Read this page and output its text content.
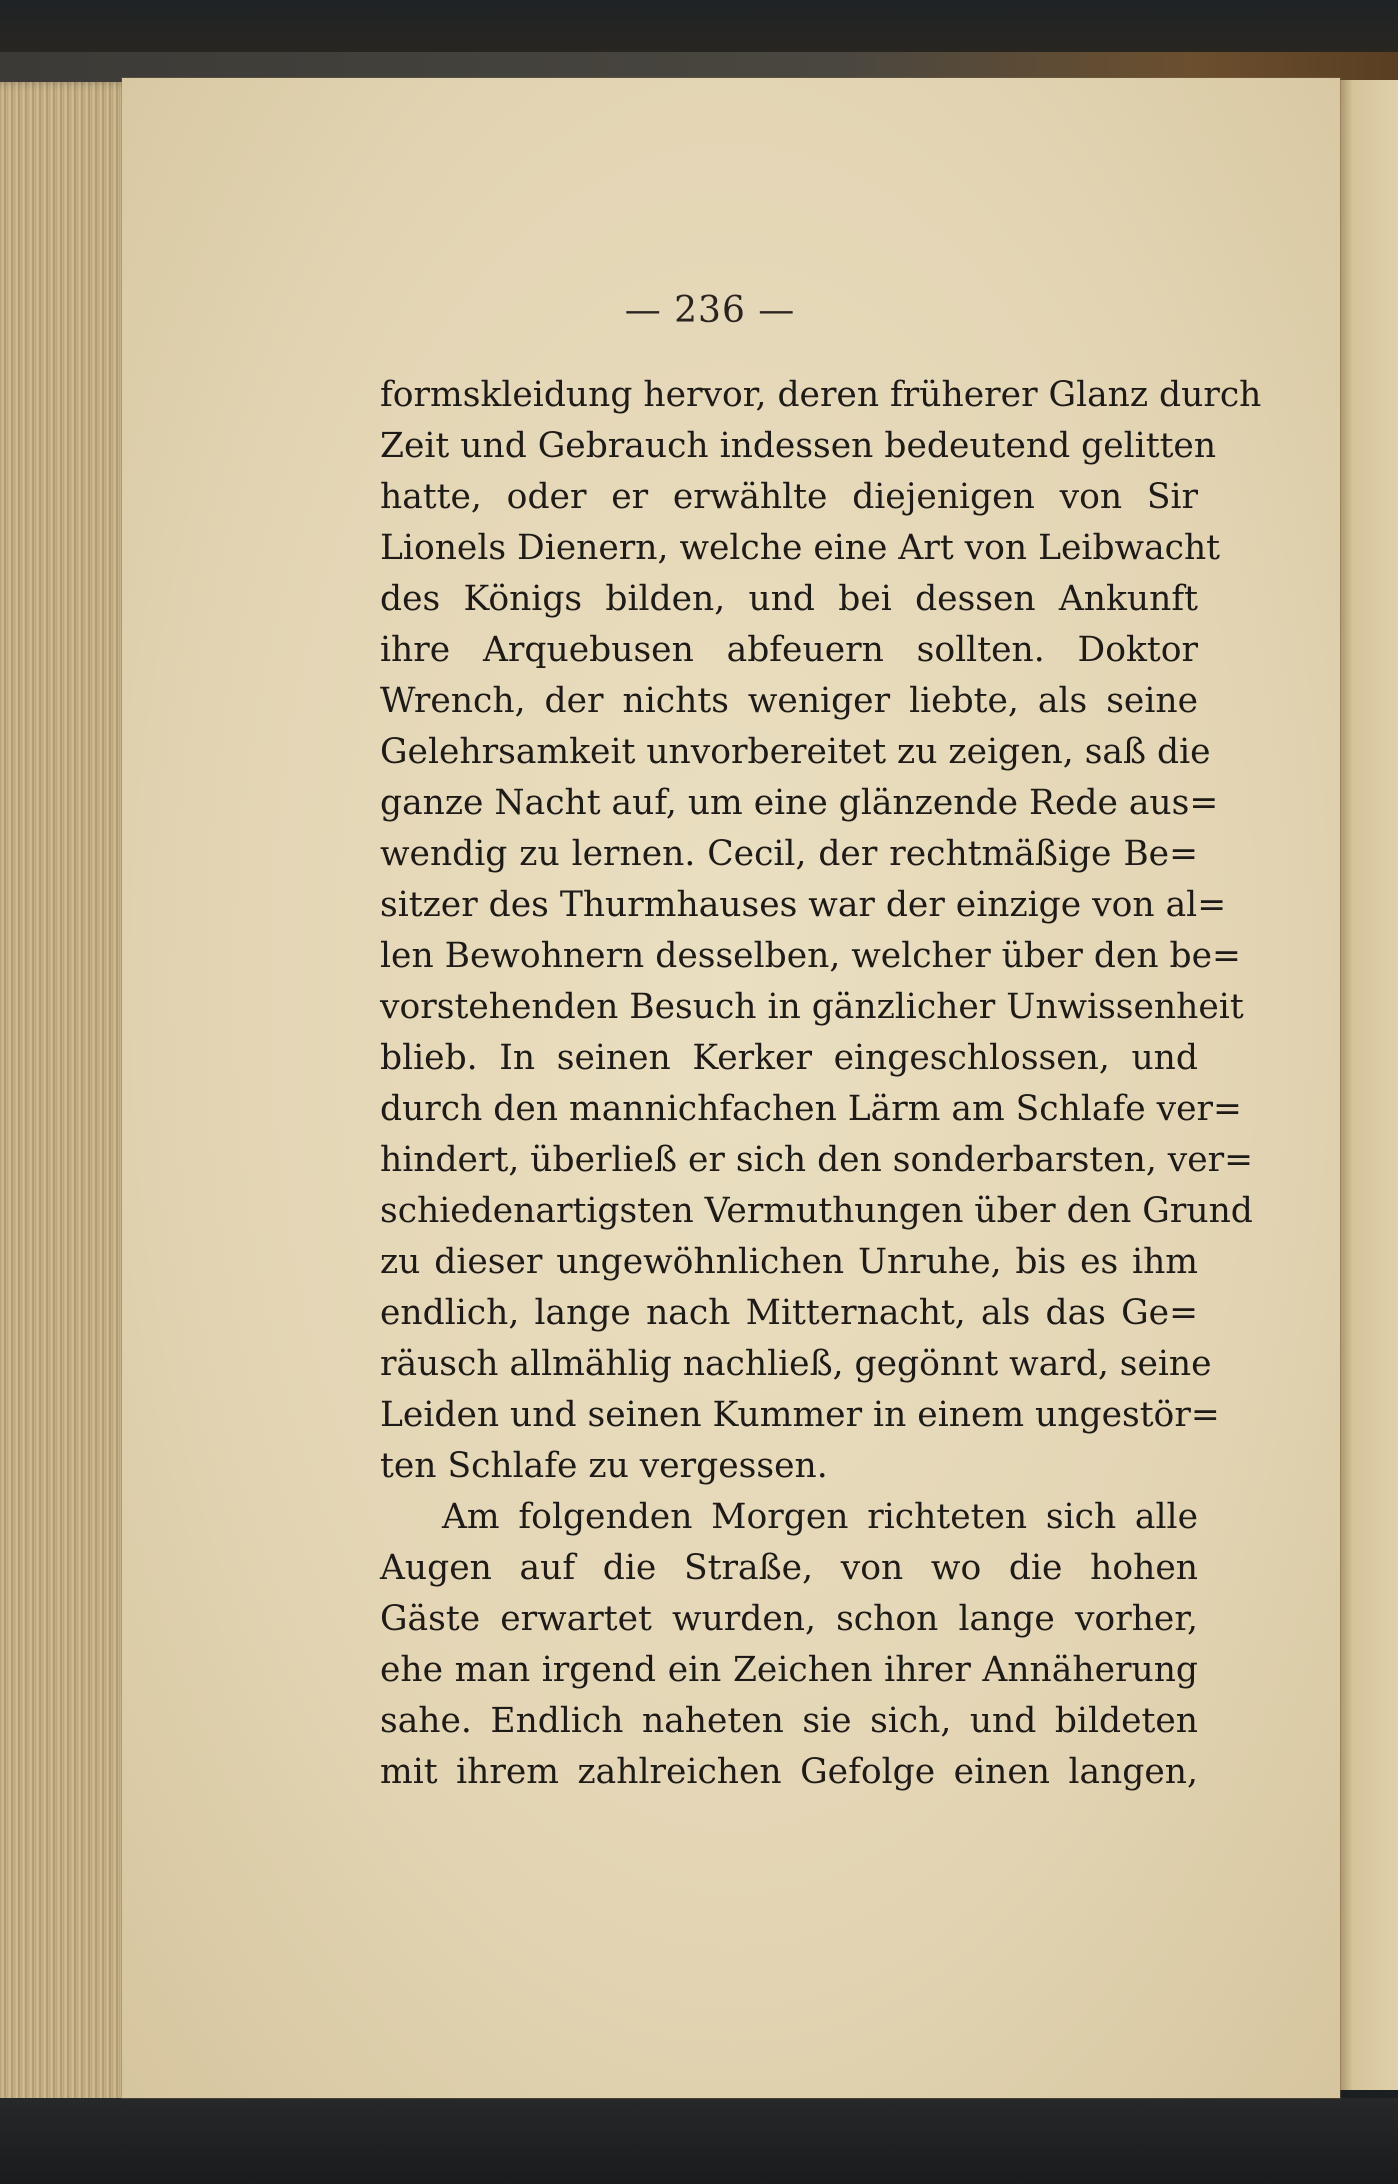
— 236 —
formskleidung hervor, deren früherer Glanz durch
Zeit und Gebrauch indessen bedeutend gelitten
hatte, oder er erwählte diejenigen von Sir
Lionels Dienern, welche eine Art von Leibwacht
des Königs bilden, und bei dessen Ankunft
ihre Arquebusen abfeuern sollten. Doktor
Wrench, der nichts weniger liebte, als seine
Gelehrsamkeit unvorbereitet zu zeigen, saß die
ganze Nacht auf, um eine glänzende Rede aus=
wendig zu lernen. Cecil, der rechtmäßige Be=
sitzer des Thurmhauses war der einzige von al=
len Bewohnern desselben, welcher über den be=
vorstehenden Besuch in gänzlicher Unwissenheit
blieb. In seinen Kerker eingeschlossen, und
durch den mannichfachen Lärm am Schlafe ver=
hindert, überließ er sich den sonderbarsten, ver=
schiedenartigsten Vermuthungen über den Grund
zu dieser ungewöhnlichen Unruhe, bis es ihm
endlich, lange nach Mitternacht, als das Ge=
räusch allmählig nachließ, gegönnt ward, seine
Leiden und seinen Kummer in einem ungestör=
ten Schlafe zu vergessen.
Am folgenden Morgen richteten sich alle
Augen auf die Straße, von wo die hohen
Gäste erwartet wurden, schon lange vorher,
ehe man irgend ein Zeichen ihrer Annäherung
sahe. Endlich naheten sie sich, und bildeten
mit ihrem zahlreichen Gefolge einen langen,
